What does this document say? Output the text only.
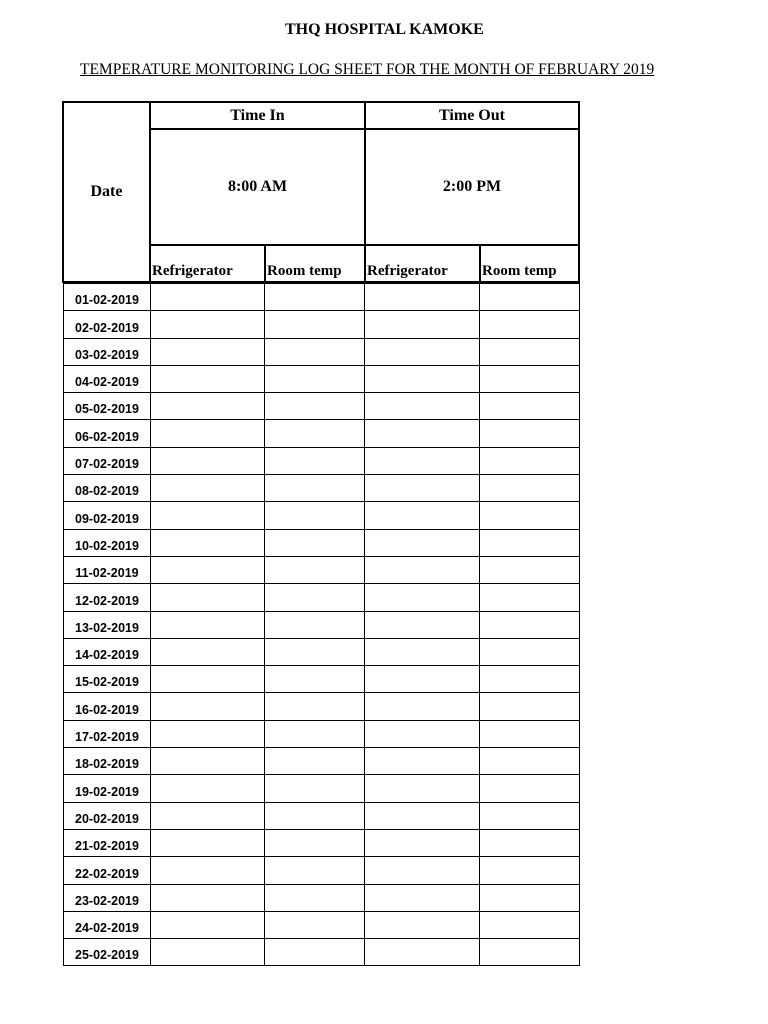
THQ HOSPITAL KAMOKE
TEMPERATURE MONITORING LOG SHEET FOR THE MONTH OF FEBRUARY 2019
Date
Time In	Time Out
8:00 AM	2:00 PM
Refrigerator	Room temp	Refrigerator	Room temp
01-02-2019				
02-02-2019				
03-02-2019				
04-02-2019				
05-02-2019				
06-02-2019				
07-02-2019				
08-02-2019				
09-02-2019				
10-02-2019				
11-02-2019				
12-02-2019				
13-02-2019				
14-02-2019				
15-02-2019				
16-02-2019				
17-02-2019				
18-02-2019				
19-02-2019				
20-02-2019				
21-02-2019				
22-02-2019				
23-02-2019				
24-02-2019				
25-02-2019				
